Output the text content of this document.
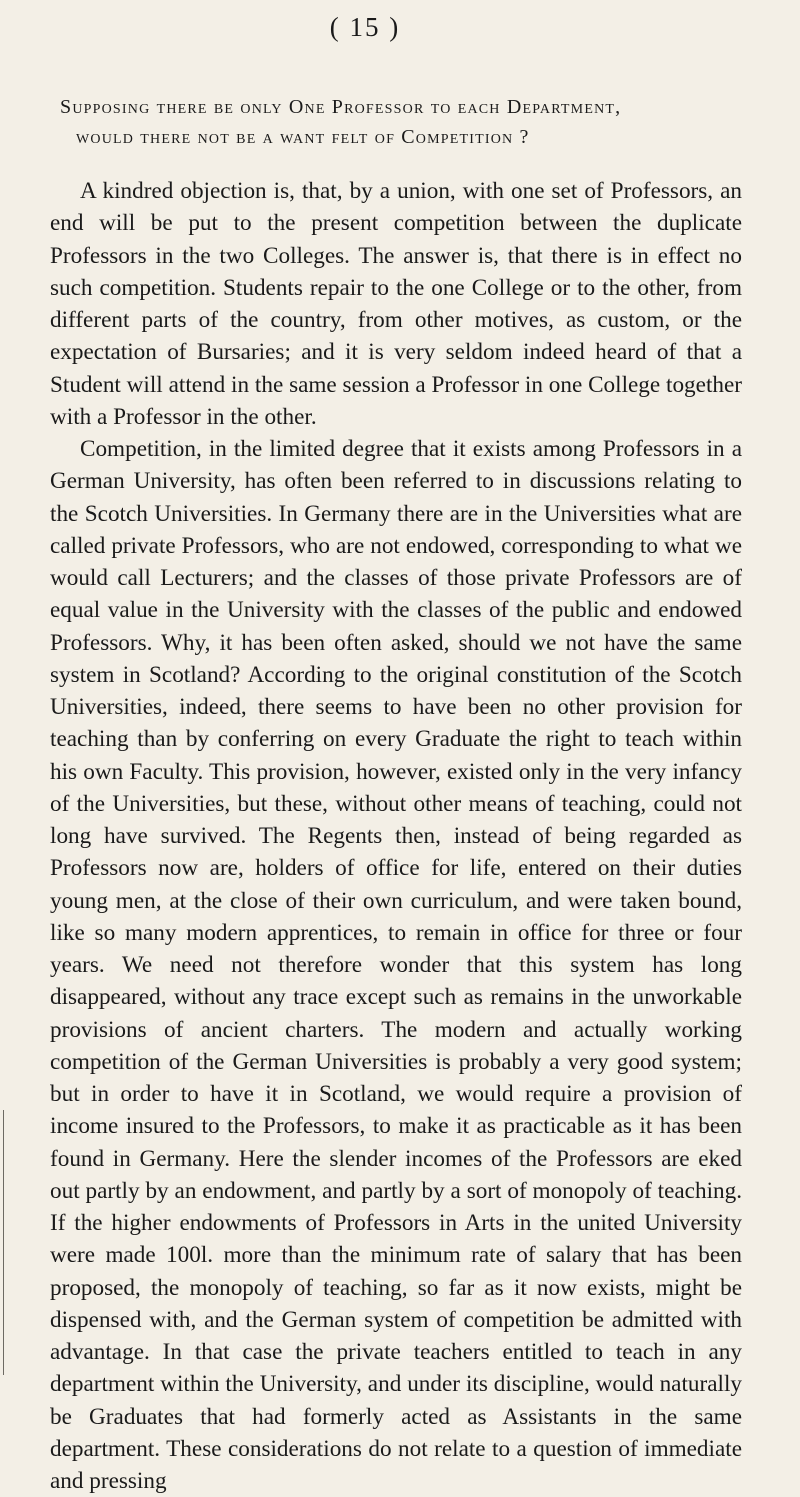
( 15 )
Supposing there be only One Professor to each Department,
would there not be a want felt of Competition ?

A kindred objection is, that, by a union, with one set of Professors, an end will be put to the present competition between the duplicate Professors in the two Colleges. The answer is, that there is in effect no such competition. Students repair to the one College or to the other, from different parts of the country, from other motives, as custom, or the expectation of Bursaries; and it is very seldom indeed heard of that a Student will attend in the same session a Professor in one College together with a Professor in the other.

Competition, in the limited degree that it exists among Professors in a German University, has often been referred to in discussions relating to the Scotch Universities. In Germany there are in the Universities what are called private Professors, who are not endowed, corresponding to what we would call Lecturers; and the classes of those private Professors are of equal value in the University with the classes of the public and endowed Professors. Why, it has been often asked, should we not have the same system in Scotland? According to the original constitution of the Scotch Universities, indeed, there seems to have been no other provision for teaching than by conferring on every Graduate the right to teach within his own Faculty. This provision, however, existed only in the very infancy of the Universities, but these, without other means of teaching, could not long have survived. The Regents then, instead of being regarded as Professors now are, holders of office for life, entered on their duties young men, at the close of their own curriculum, and were taken bound, like so many modern apprentices, to remain in office for three or four years. We need not therefore wonder that this system has long disappeared, without any trace except such as remains in the unworkable provisions of ancient charters. The modern and actually working competition of the German Universities is probably a very good system; but in order to have it in Scotland, we would require a provision of income insured to the Professors, to make it as practicable as it has been found in Germany. Here the slender incomes of the Professors are eked out partly by an endowment, and partly by a sort of monopoly of teaching. If the higher endowments of Professors in Arts in the united University were made 100l. more than the minimum rate of salary that has been proposed, the monopoly of teaching, so far as it now exists, might be dispensed with, and the German system of competition be admitted with advantage. In that case the private teachers entitled to teach in any department within the University, and under its discipline, would naturally be Graduates that had formerly acted as Assistants in the same department. These considerations do not relate to a question of immediate and pressing
